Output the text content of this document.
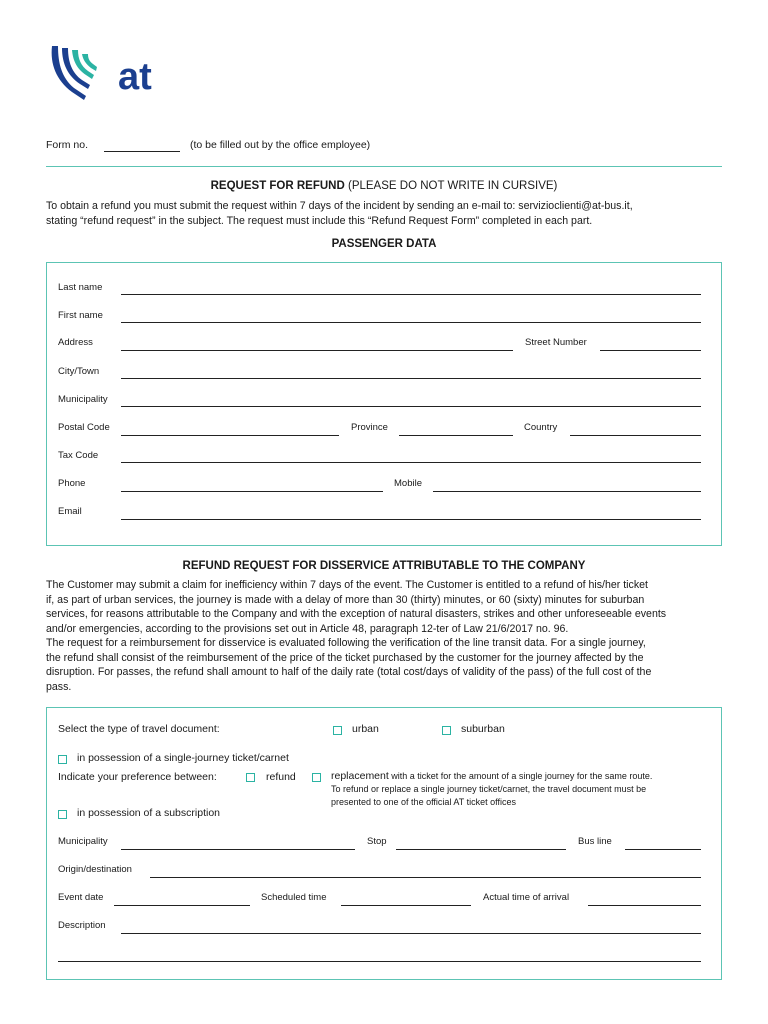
at
Form no.	(to be filled out by the office employee)
REQUEST FOR REFUND (PLEASE DO NOT WRITE IN CURSIVE)
To obtain a refund you must submit the request within 7 days of the incident by sending an e-mail to: servizioclienti@at-bus.it,
stating “refund request” in the subject. The request must include this “Refund Request Form” completed in each part.
PASSENGER DATA
Last name
First name
Address	Street Number
City/Town
Municipality
Postal Code	Province	Country
Tax Code
Phone	Mobile
Email
REFUND REQUEST FOR DISSERVICE ATTRIBUTABLE TO THE COMPANY
The Customer may submit a claim for inefficiency within 7 days of the event. The Customer is entitled to a refund of his/her ticket
if, as part of urban services, the journey is made with a delay of more than 30 (thirty) minutes, or 60 (sixty) minutes for suburban
services, for reasons attributable to the Company and with the exception of natural disasters, strikes and other unforeseeable events
and/or emergencies, according to the provisions set out in Article 48, paragraph 12-ter of Law 21/6/2017 no. 96.
The request for a reimbursement for disservice is evaluated following the verification of the line transit data. For a single journey,
the refund shall consist of the reimbursement of the price of the ticket purchased by the customer for the journey affected by the
disruption. For passes, the refund shall amount to half of the daily rate (total cost/days of validity of the pass) of the full cost of the
pass.
Select the type of travel document:	urban	suburban
in possession of a single-journey ticket/carnet
Indicate your preference between:	refund	replacement with a ticket for the amount of a single journey for the same route.
To refund or replace a single journey ticket/carnet, the travel document must be
presented to one of the official AT ticket offices
in possession of a subscription
Municipality	Stop	Bus line
Origin/destination
Event date	Scheduled time	Actual time of arrival
Description
